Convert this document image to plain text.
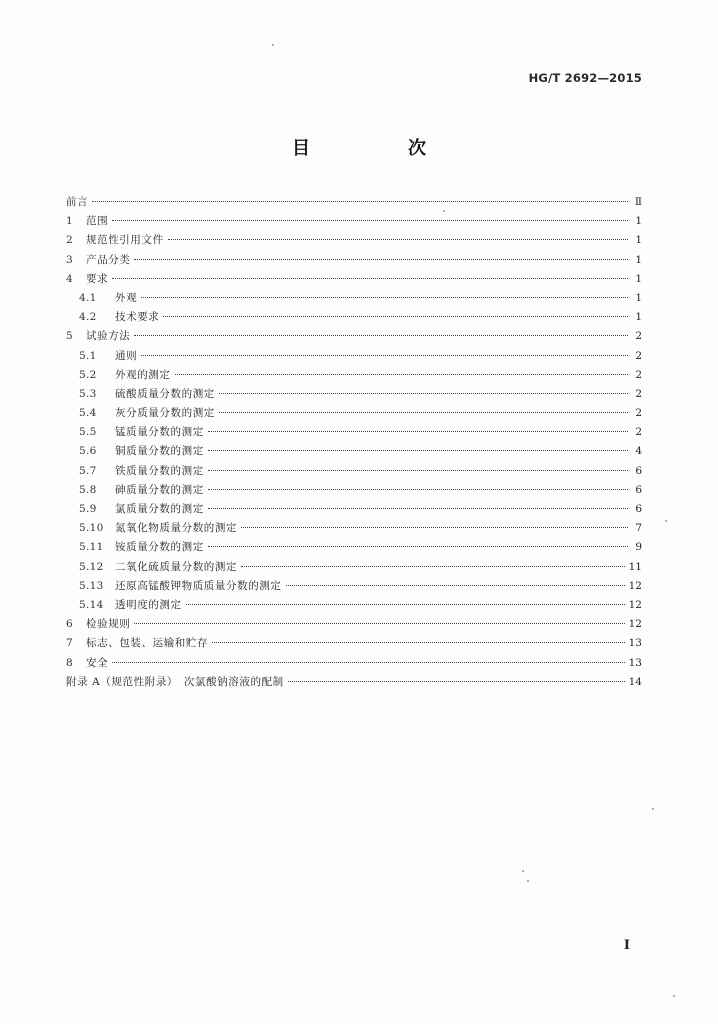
HG/T 2692—2015
目　次
前言	Ⅱ
1	范围	1
2	规范性引用文件	1
3	产品分类	1
4	要求	1
4.1	外观	1
4.2	技术要求	1
5	试验方法	2
5.1	通则	2
5.2	外观的测定	2
5.3	硫酸质量分数的测定	2
5.4	灰分质量分数的测定	2
5.5	锰质量分数的测定	2
5.6	铜质量分数的测定	4
5.7	铁质量分数的测定	6
5.8	砷质量分数的测定	6
5.9	氯质量分数的测定	6
5.10	氮氧化物质量分数的测定	7
5.11	铵质量分数的测定	9
5.12	二氧化硫质量分数的测定	11
5.13	还原高锰酸钾物质质量分数的测定	12
5.14	透明度的测定	12
6	检验规则	12
7	标志、包装、运输和贮存	13
8	安全	13
附录 A（规范性附录）　次氯酸钠溶液的配制	14
I
